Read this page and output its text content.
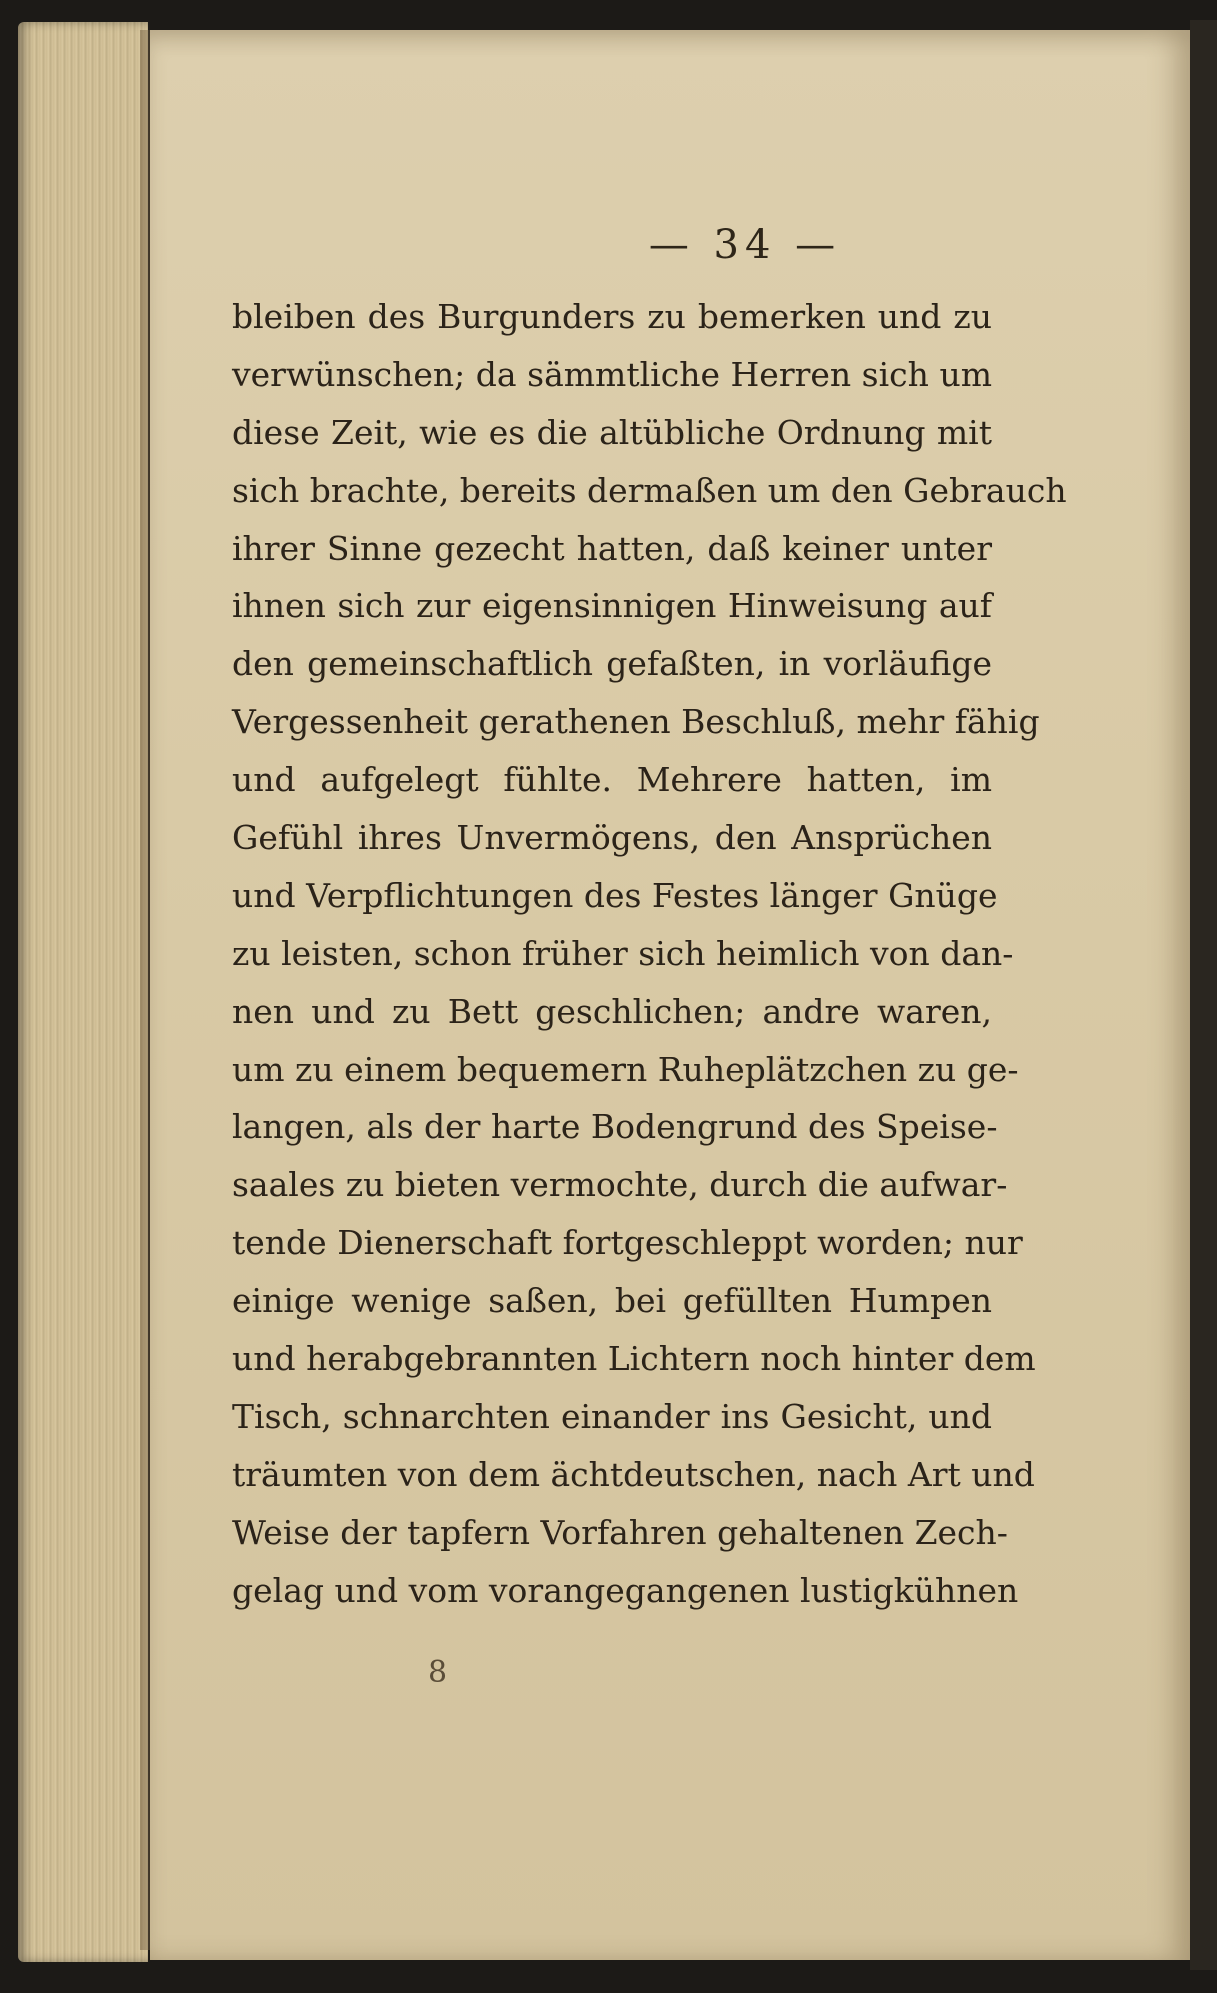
— 34 —
bleiben des Burgunders zu bemerken und zu
verwünschen; da sämmtliche Herren sich um
diese Zeit, wie es die altübliche Ordnung mit
sich brachte, bereits dermaßen um den Gebrauch
ihrer Sinne gezecht hatten, daß keiner unter
ihnen sich zur eigensinnigen Hinweisung auf
den gemeinschaftlich gefaßten, in vorläufige
Vergessenheit gerathenen Beschluß, mehr fähig
und aufgelegt fühlte. Mehrere hatten, im
Gefühl ihres Unvermögens, den Ansprüchen
und Verpflichtungen des Festes länger Gnüge
zu leisten, schon früher sich heimlich von dan-
nen und zu Bett geschlichen; andre waren,
um zu einem bequemern Ruheplätzchen zu ge-
langen, als der harte Bodengrund des Speise-
saales zu bieten vermochte, durch die aufwar-
tende Dienerschaft fortgeschleppt worden; nur
einige wenige saßen, bei gefüllten Humpen
und herabgebrannten Lichtern noch hinter dem
Tisch, schnarchten einander ins Gesicht, und
träumten von dem ächtdeutschen, nach Art und
Weise der tapfern Vorfahren gehaltenen Zech-
gelag und vom vorangegangenen lustigkühnen
8
